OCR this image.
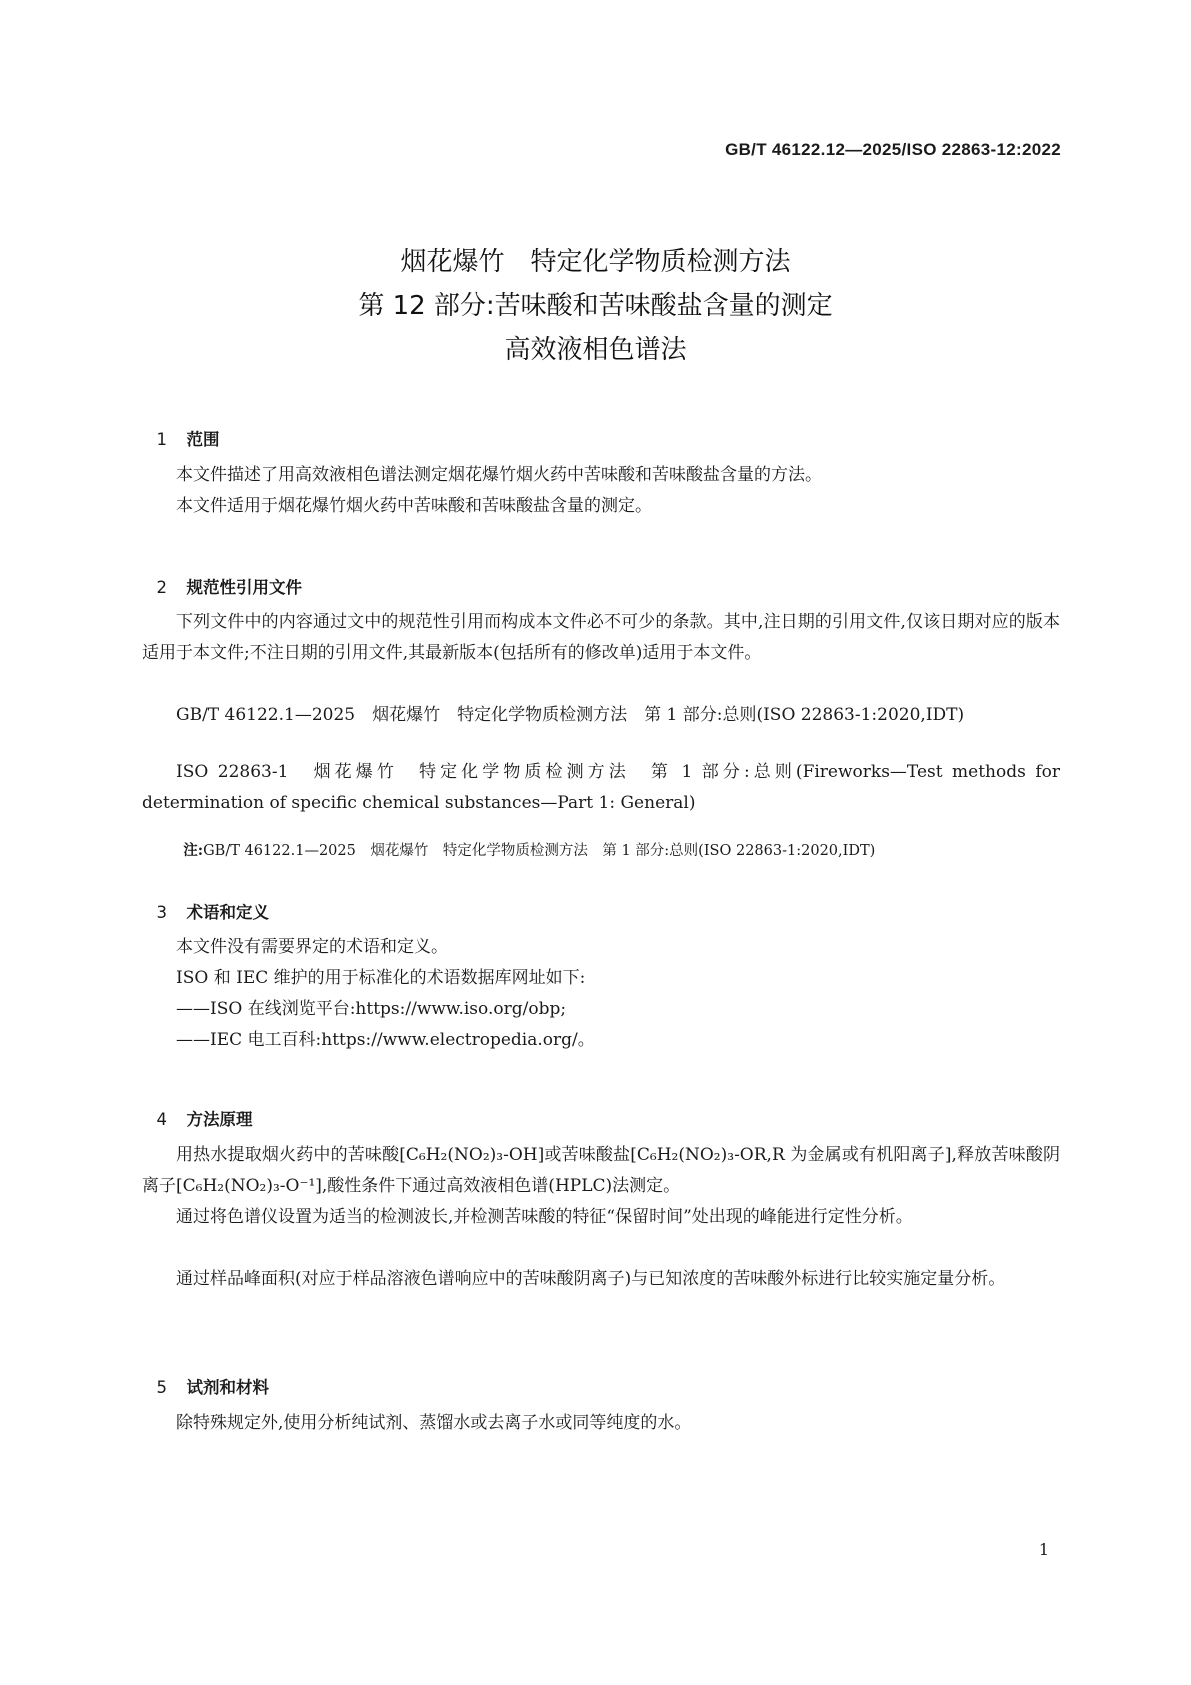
GB/T 46122.12—2025/ISO 22863-12:2022
烟花爆竹　特定化学物质检测方法
第 12 部分:苦味酸和苦味酸盐含量的测定
高效液相色谱法

1 范围

本文件描述了用高效液相色谱法测定烟花爆竹烟火药中苦味酸和苦味酸盐含量的方法。
本文件适用于烟花爆竹烟火药中苦味酸和苦味酸盐含量的测定。

2 规范性引用文件

下列文件中的内容通过文中的规范性引用而构成本文件必不可少的条款。其中,注日期的引用文件,仅该日期对应的版本适用于本文件;不注日期的引用文件,其最新版本(包括所有的修改单)适用于本文件。
GB/T 46122.1—2025　烟花爆竹　特定化学物质检测方法　第 1 部分:总则(ISO 22863-1:2020,IDT)
ISO 22863-1　烟花爆竹　特定化学物质检测方法　第 1 部分:总则(Fireworks—Test methods for determination of specific chemical substances—Part 1: General)

注:GB/T 46122.1—2025　烟花爆竹　特定化学物质检测方法　第 1 部分:总则(ISO 22863-1:2020,IDT)

3 术语和定义

本文件没有需要界定的术语和定义。
ISO 和 IEC 维护的用于标准化的术语数据库网址如下:
——ISO 在线浏览平台:https://www.iso.org/obp;
——IEC 电工百科:https://www.electropedia.org/。

4 方法原理

用热水提取烟火药中的苦味酸[C₆H₂(NO₂)₃-OH]或苦味酸盐[C₆H₂(NO₂)₃-OR,R 为金属或有机阳离子],释放苦味酸阴离子[C₆H₂(NO₂)₃-O⁻¹],酸性条件下通过高效液相色谱(HPLC)法测定。
通过将色谱仪设置为适当的检测波长,并检测苦味酸的特征“保留时间”处出现的峰能进行定性分析。
通过样品峰面积(对应于样品溶液色谱响应中的苦味酸阴离子)与已知浓度的苦味酸外标进行比较实施定量分析。

5 试剂和材料

除特殊规定外,使用分析纯试剂、蒸馏水或去离子水或同等纯度的水。
1
